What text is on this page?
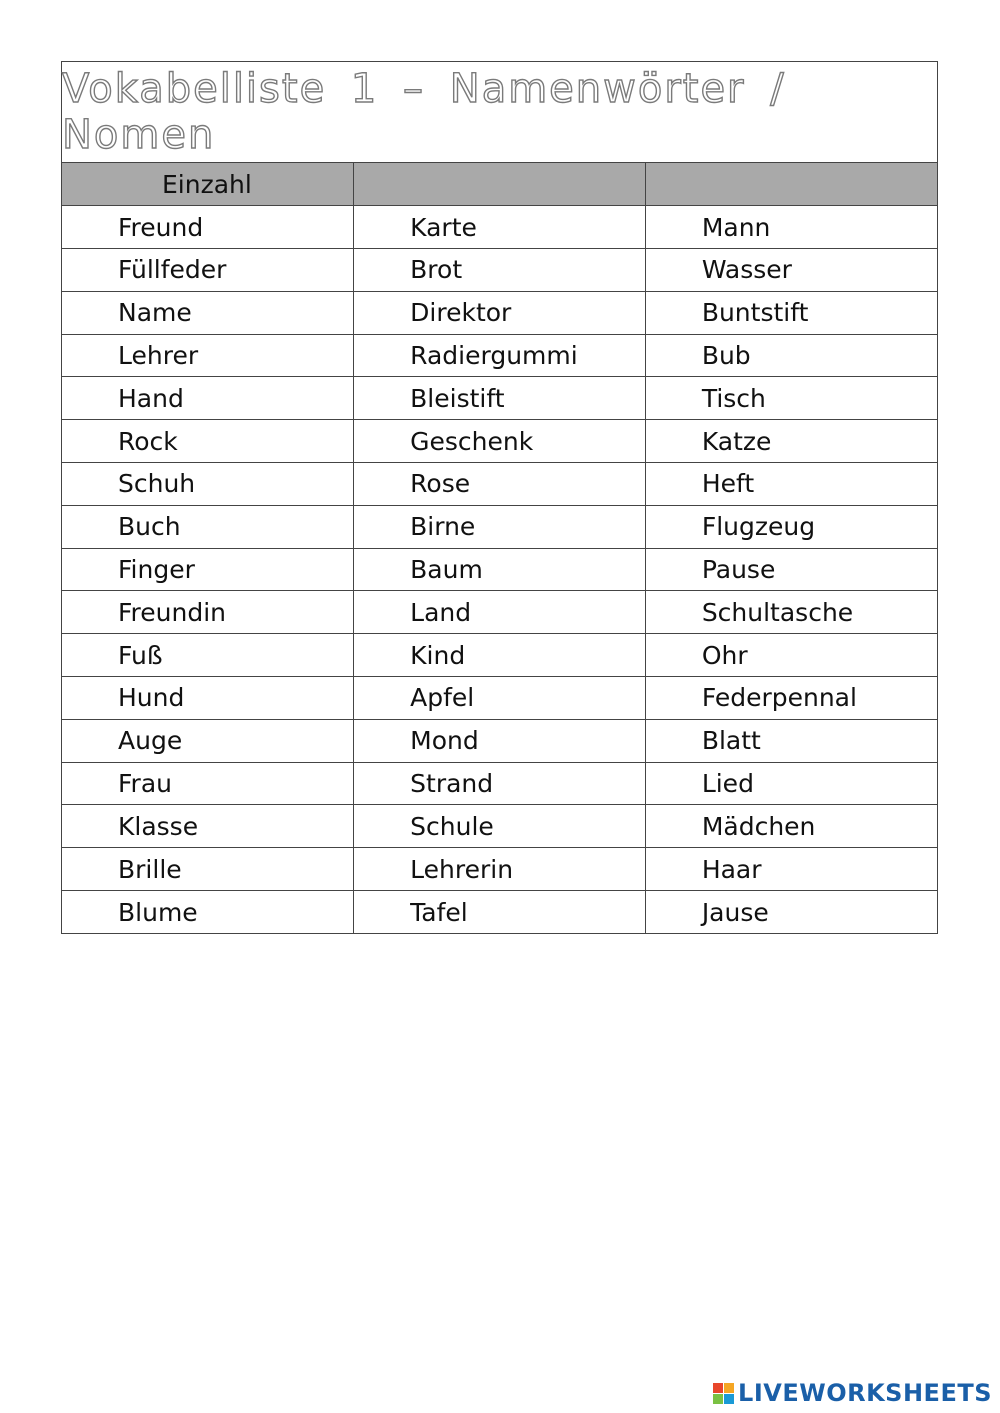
Vokabelliste 1 – Namenwörter / Nomen
Einzahl		
Freund	Karte	Mann
Füllfeder	Brot	Wasser
Name	Direktor	Buntstift
Lehrer	Radiergummi	Bub
Hand	Bleistift	Tisch
Rock	Geschenk	Katze
Schuh	Rose	Heft
Buch	Birne	Flugzeug
Finger	Baum	Pause
Freundin	Land	Schultasche
Fuß	Kind	Ohr
Hund	Apfel	Federpennal
Auge	Mond	Blatt
Frau	Strand	Lied
Klasse	Schule	Mädchen
Brille	Lehrerin	Haar
Blume	Tafel	Jause
LIVEWORKSHEETS
